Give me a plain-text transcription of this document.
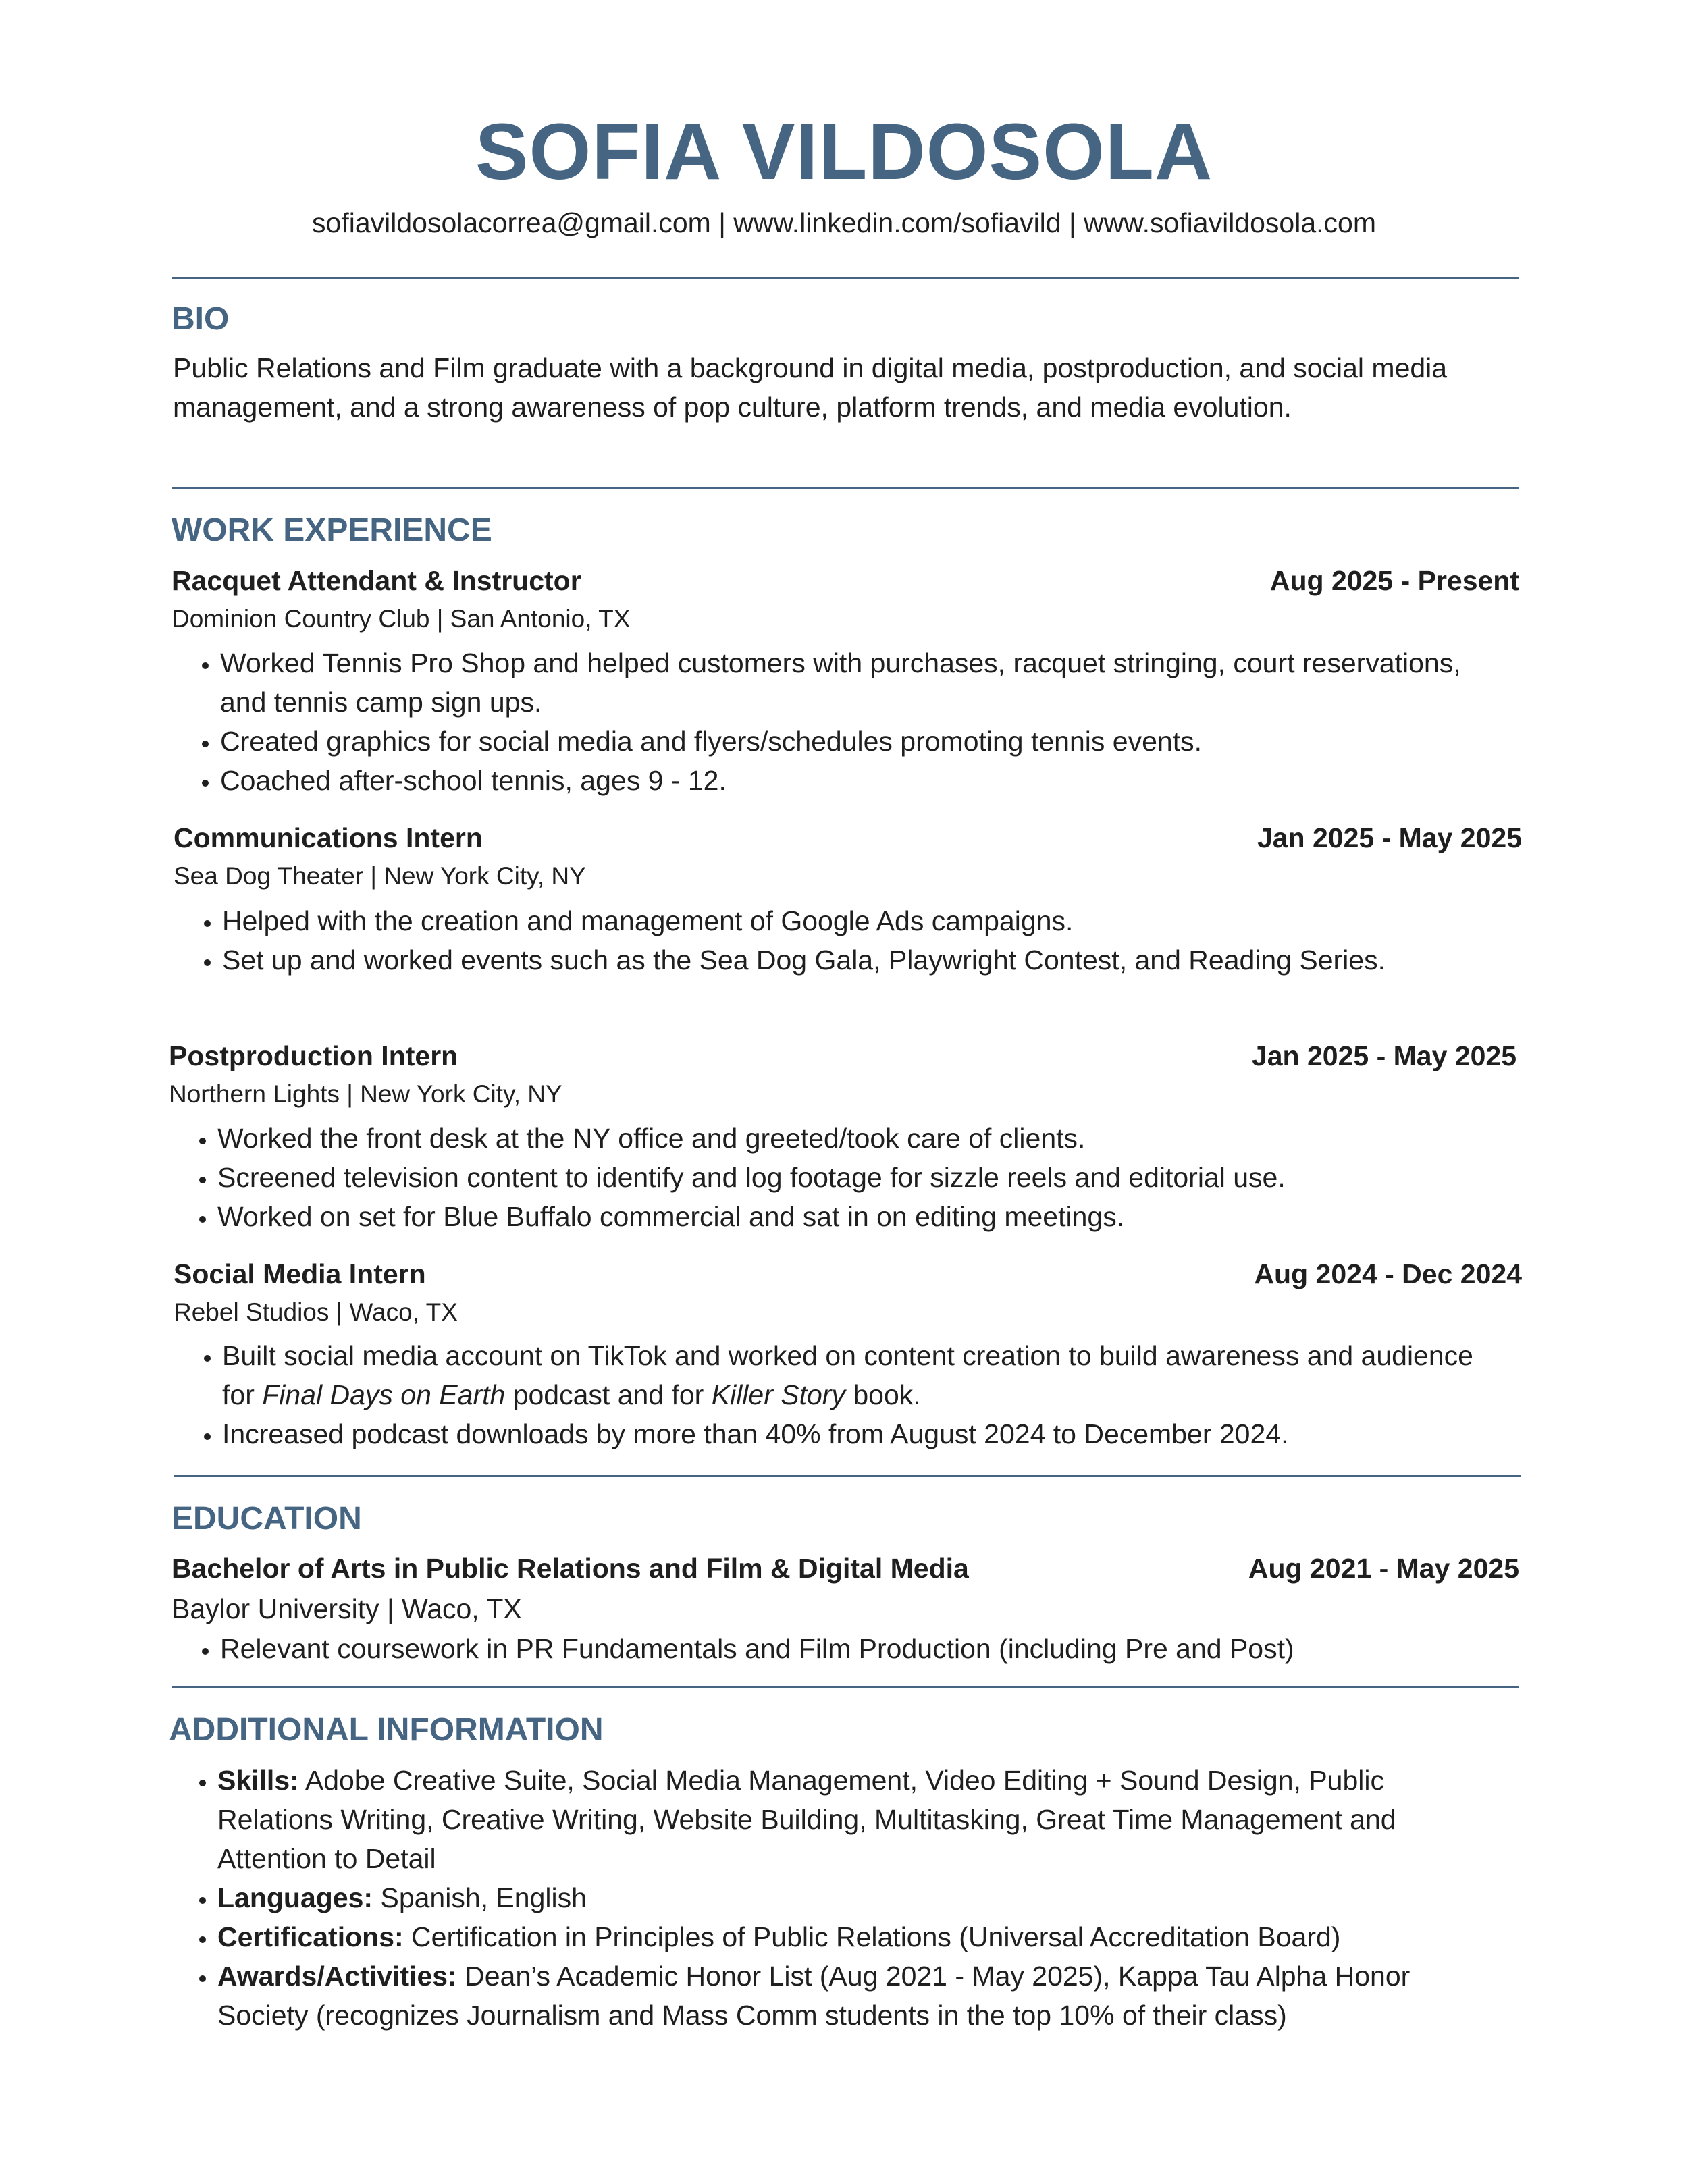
SOFIA VILDOSOLA
sofiavildosolacorrea@gmail.com | www.linkedin.com/sofiavild | www.sofiavildosola.com
BIO

Public Relations and Film graduate with a background in digital media, postproduction, and social media management, and a strong awareness of pop culture, platform trends, and media evolution.

WORK EXPERIENCE
Racquet Attendant & Instructor	Aug 2025 - Present
Dominion Country Club | San Antonio, TX
• Worked Tennis Pro Shop and helped customers with purchases, racquet stringing, court reservations, and tennis camp sign ups.
• Created graphics for social media and flyers/schedules promoting tennis events.
• Coached after-school tennis, ages 9 - 12.
Communications Intern	Jan 2025 - May 2025
Sea Dog Theater | New York City, NY
• Helped with the creation and management of Google Ads campaigns.
• Set up and worked events such as the Sea Dog Gala, Playwright Contest, and Reading Series.
Postproduction Intern	Jan 2025 - May 2025
Northern Lights | New York City, NY
• Worked the front desk at the NY office and greeted/took care of clients.
• Screened television content to identify and log footage for sizzle reels and editorial use.
• Worked on set for Blue Buffalo commercial and sat in on editing meetings.
Social Media Intern	Aug 2024 - Dec 2024
Rebel Studios | Waco, TX
• Built social media account on TikTok and worked on content creation to build awareness and audience for Final Days on Earth podcast and for Killer Story book.
• Increased podcast downloads by more than 40% from August 2024 to December 2024.
EDUCATION
Bachelor of Arts in Public Relations and Film & Digital Media	Aug 2021 - May 2025
Baylor University | Waco, TX
• Relevant coursework in PR Fundamentals and Film Production (including Pre and Post)
ADDITIONAL INFORMATION
• Skills: Adobe Creative Suite, Social Media Management, Video Editing + Sound Design, Public Relations Writing, Creative Writing, Website Building, Multitasking, Great Time Management and Attention to Detail
• Languages: Spanish, English
• Certifications: Certification in Principles of Public Relations (Universal Accreditation Board)
• Awards/Activities: Dean’s Academic Honor List (Aug 2021 - May 2025), Kappa Tau Alpha Honor Society (recognizes Journalism and Mass Comm students in the top 10% of their class)
